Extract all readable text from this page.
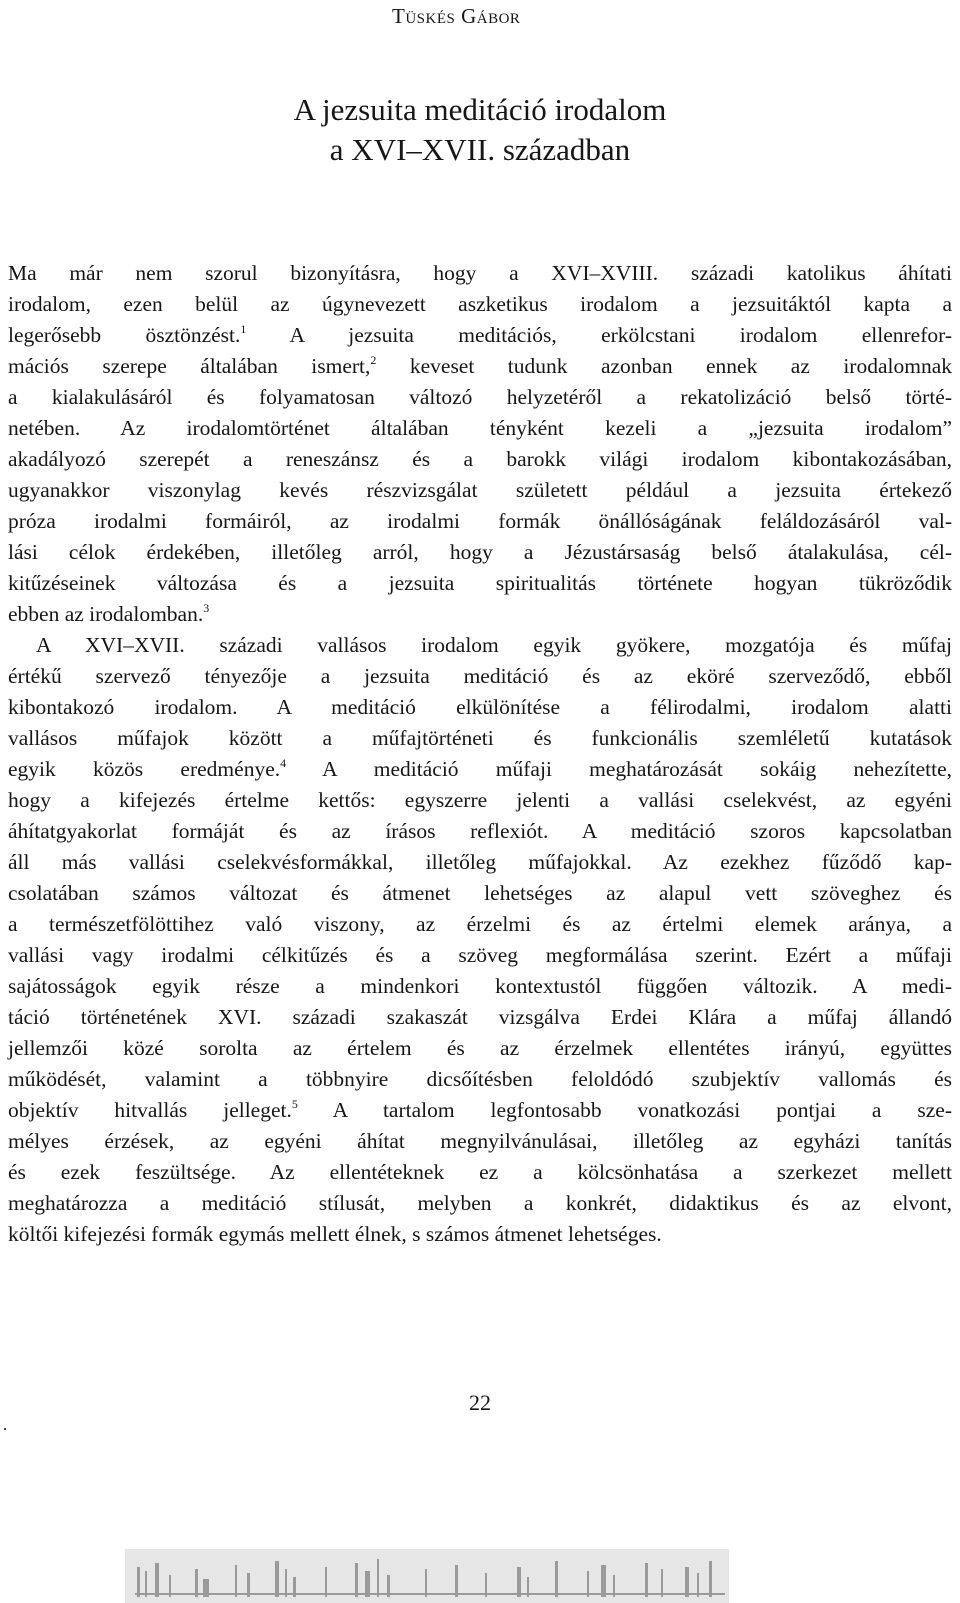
Tüskés Gábor
A jezsuita meditáció irodalom
a XVI–XVII. században
Ma már nem szorul bizonyításra, hogy a XVI–XVIII. századi katolikus áhítati
irodalom, ezen belül az úgynevezett aszketikus irodalom a jezsuitáktól kapta a
legerősebb ösztönzést.$^1$ A jezsuita meditációs, erkölcstani irodalom ellenrefor-
mációs szerepe általában ismert,$^2$ keveset tudunk azonban ennek az irodalomnak
a kialakulásáról és folyamatosan változó helyzetéről a rekatolizáció belső törté-
netében. Az irodalomtörténet általában tényként kezeli a „jezsuita irodalom”
akadályozó szerepét a reneszánsz és a barokk világi irodalom kibontakozásában,
ugyanakkor viszonylag kevés részvizsgálat született például a jezsuita értekező
próza irodalmi formáiról, az irodalmi formák önállóságának feláldozásáról val-
lási célok érdekében, illetőleg arról, hogy a Jézustársaság belső átalakulása, cél-
kitűzéseinek változása és a jezsuita spiritualitás története hogyan tükröződik
ebben az irodalomban.$^3$
A XVI–XVII. századi vallásos irodalom egyik gyökere, mozgatója és műfaj
értékű szervező tényezője a jezsuita meditáció és az eköré szerveződő, ebből
kibontakozó irodalom. A meditáció elkülönítése a félirodalmi, irodalom alatti
vallásos műfajok között a műfajtörténeti és funkcionális szemléletű kutatások
egyik közös eredménye.$^4$ A meditáció műfaji meghatározását sokáig nehezítette,
hogy a kifejezés értelme kettős: egyszerre jelenti a vallási cselekvést, az egyéni
áhítatgyakorlat formáját és az írásos reflexiót. A meditáció szoros kapcsolatban
áll más vallási cselekvésformákkal, illetőleg műfajokkal. Az ezekhez fűződő kap-
csolatában számos változat és átmenet lehetséges az alapul vett szöveghez és
a természetfölöttihez való viszony, az érzelmi és az értelmi elemek aránya, a
vallási vagy irodalmi célkitűzés és a szöveg megformálása szerint. Ezért a műfaji
sajátosságok egyik része a mindenkori kontextustól függően változik. A medi-
táció történetének XVI. századi szakaszát vizsgálva Erdei Klára a műfaj állandó
jellemzői közé sorolta az értelem és az érzelmek ellentétes irányú, együttes
működését, valamint a többnyire dicsőítésben feloldódó szubjektív vallomás és
objektív hitvallás jelleget.$^5$ A tartalom legfontosabb vonatkozási pontjai a sze-
mélyes érzések, az egyéni áhítat megnyilvánulásai, illetőleg az egyházi tanítás
és ezek feszültsége. Az ellentéteknek ez a kölcsönhatása a szerkezet mellett
meghatározza a meditáció stílusát, melyben a konkrét, didaktikus és az elvont,
költői kifejezési formák egymás mellett élnek, s számos átmenet lehetséges.
22
